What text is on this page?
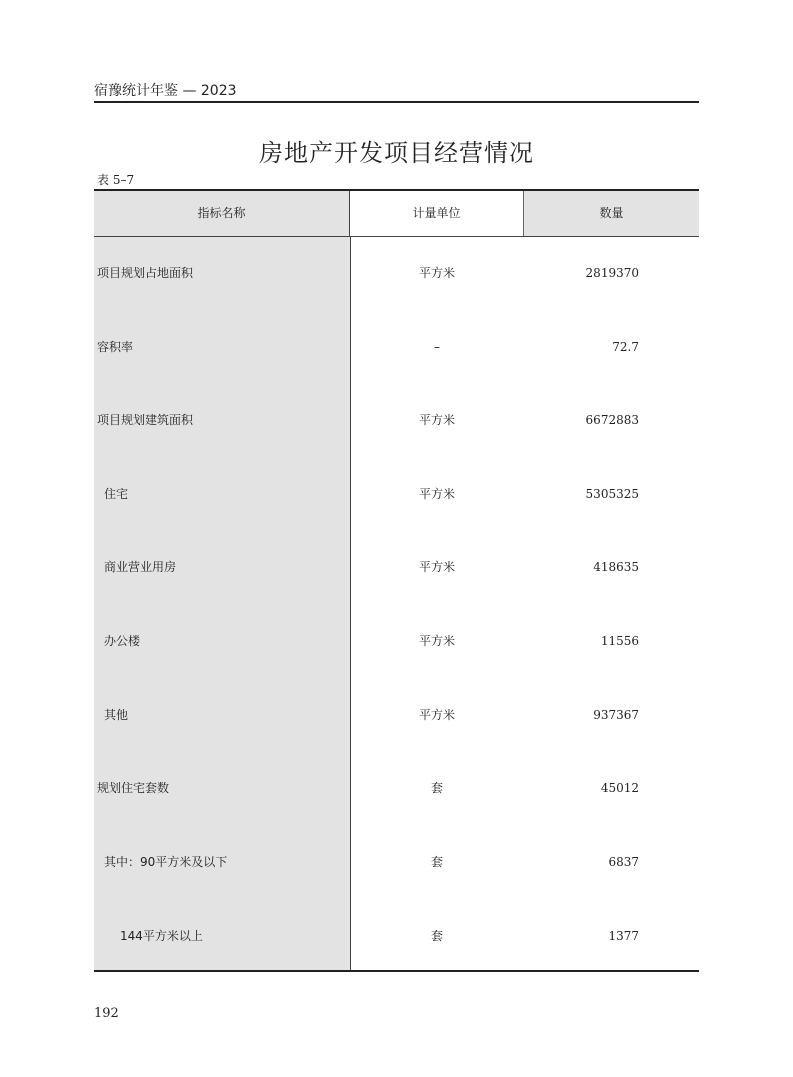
宿豫统计年鉴 — 2023
房地产开发项目经营情况
表 5–7
指标名称	计量单位	数量
项目规划占地面积	平方米	2819370
容积率	–	72.7
项目规划建筑面积	平方米	6672883
住宅	平方米	5305325
商业营业用房	平方米	418635
办公楼	平方米	11556
其他	平方米	937367
规划住宅套数	套	45012
其中：90平方米及以下	套	6837
144平方米以上	套	1377
192
